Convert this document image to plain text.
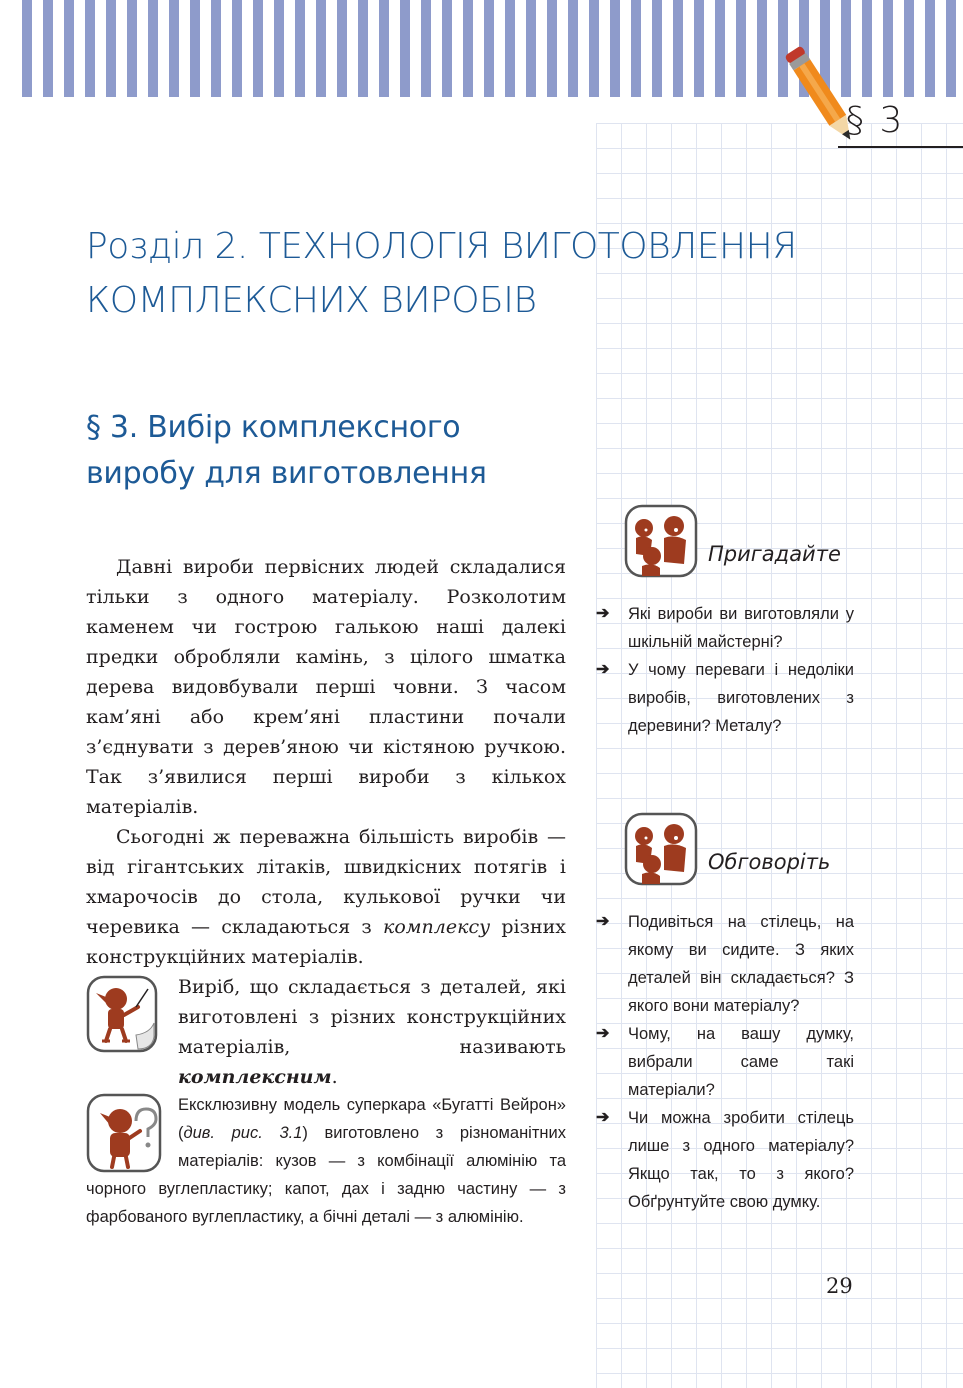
§ 3
Розділ 2. ТЕХНОЛОГІЯ ВИГОТОВЛЕННЯ
КОМПЛЕКСНИХ ВИРОБІВ
§ 3. Вибір комплексного
виробу для виготовлення

Давні вироби первісних людей складалися тільки з одного матеріалу. Розколотим каменем чи гострою галькою наші далекі предки обробляли камінь, з цілого шматка дерева видовбували перші човни. З часом кам’яні або крем’яні пластини почали з’єднувати з дерев’яною чи кістяною ручкою. Так з’явилися перші вироби з кількох матеріалів.

Сьогодні ж переважна більшість виробів — від гігантських літаків, швидкісних потягів і хмарочосів до стола, кулькової ручки чи черевика — складаються з комплексу різних конструкційних матеріалів.

Виріб, що складається з деталей, які виготовлені з різних конструкційних матеріалів, називають комплексним.
Ексклюзивну модель суперкара «Бугатті Вейрон» (див. рис. 3.1) виготовлено з різноманітних матеріалів: кузов — з комбінації алюмінію та чорного вуглепластику; капот, дах і задню частину — з фарбованого вуглепластику, а бічні деталі — з алюмінію.
Пригадайте
➔ Які вироби ви виготовляли у шкільній майстерні?
➔ У чому переваги і недоліки виробів, виготовлених з деревини? Металу?
Обговоріть
➔ Подивіться на стілець, на якому ви сидите. З яких деталей він складається? З якого вони матеріалу?
➔ Чому, на вашу думку, вибрали саме такі матеріали?
➔ Чи можна зробити стілець лише з одного матеріалу? Якщо так, то з якого? Обґрунтуйте свою думку.
29
